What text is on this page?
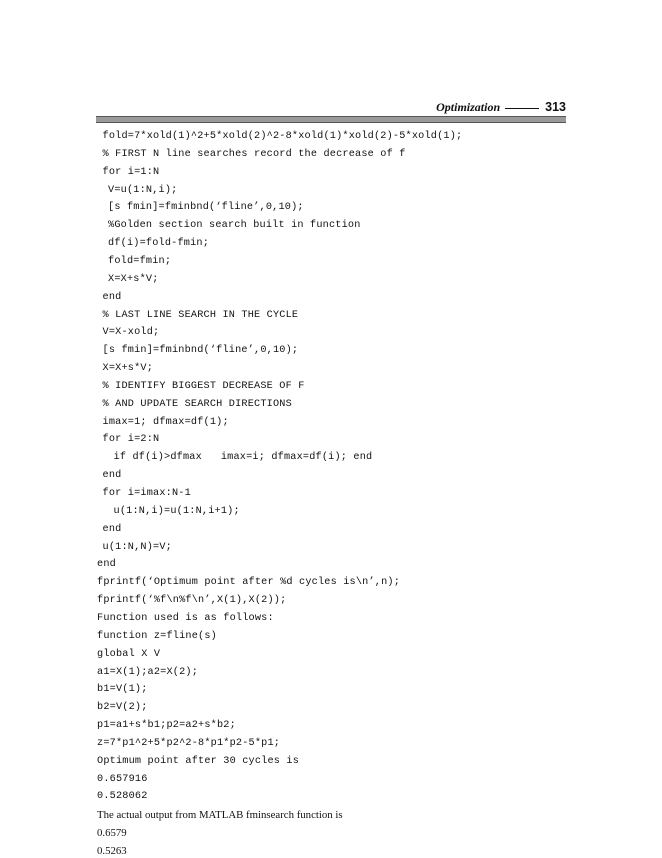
Optimization	313
fold=7*xold(1)^2+5*xold(2)^2-8*xold(1)*xold(2)-5*xold(1);
% FIRST N line searches record the decrease of f
for i=1:N
V=u(1:N,i);
[s fmin]=fminbnd(‘fline’,0,10);
%Golden section search built in function
df(i)=fold-fmin;
fold=fmin;
X=X+s*V;
end
% LAST LINE SEARCH IN THE CYCLE
V=X-xold;
[s fmin]=fminbnd(‘fline’,0,10);
X=X+s*V;
% IDENTIFY BIGGEST DECREASE OF F
% AND UPDATE SEARCH DIRECTIONS
imax=1; dfmax=df(1);
for i=2:N
if df(i)>dfmax   imax=i; dfmax=df(i); end
end
for i=imax:N-1
u(1:N,i)=u(1:N,i+1);
end
u(1:N,N)=V;
end
fprintf(‘Optimum point after %d cycles is\n’,n);
fprintf(‘%f\n%f\n’,X(1),X(2));
Function used is as follows:
function z=fline(s)
global X V
a1=X(1);a2=X(2);
b1=V(1);
b2=V(2);
p1=a1+s*b1;p2=a2+s*b2;
z=7*p1^2+5*p2^2-8*p1*p2-5*p1;
Optimum point after 30 cycles is
0.657916
0.528062
The actual output from MATLAB fminsearch function is
0.6579
0.5263
